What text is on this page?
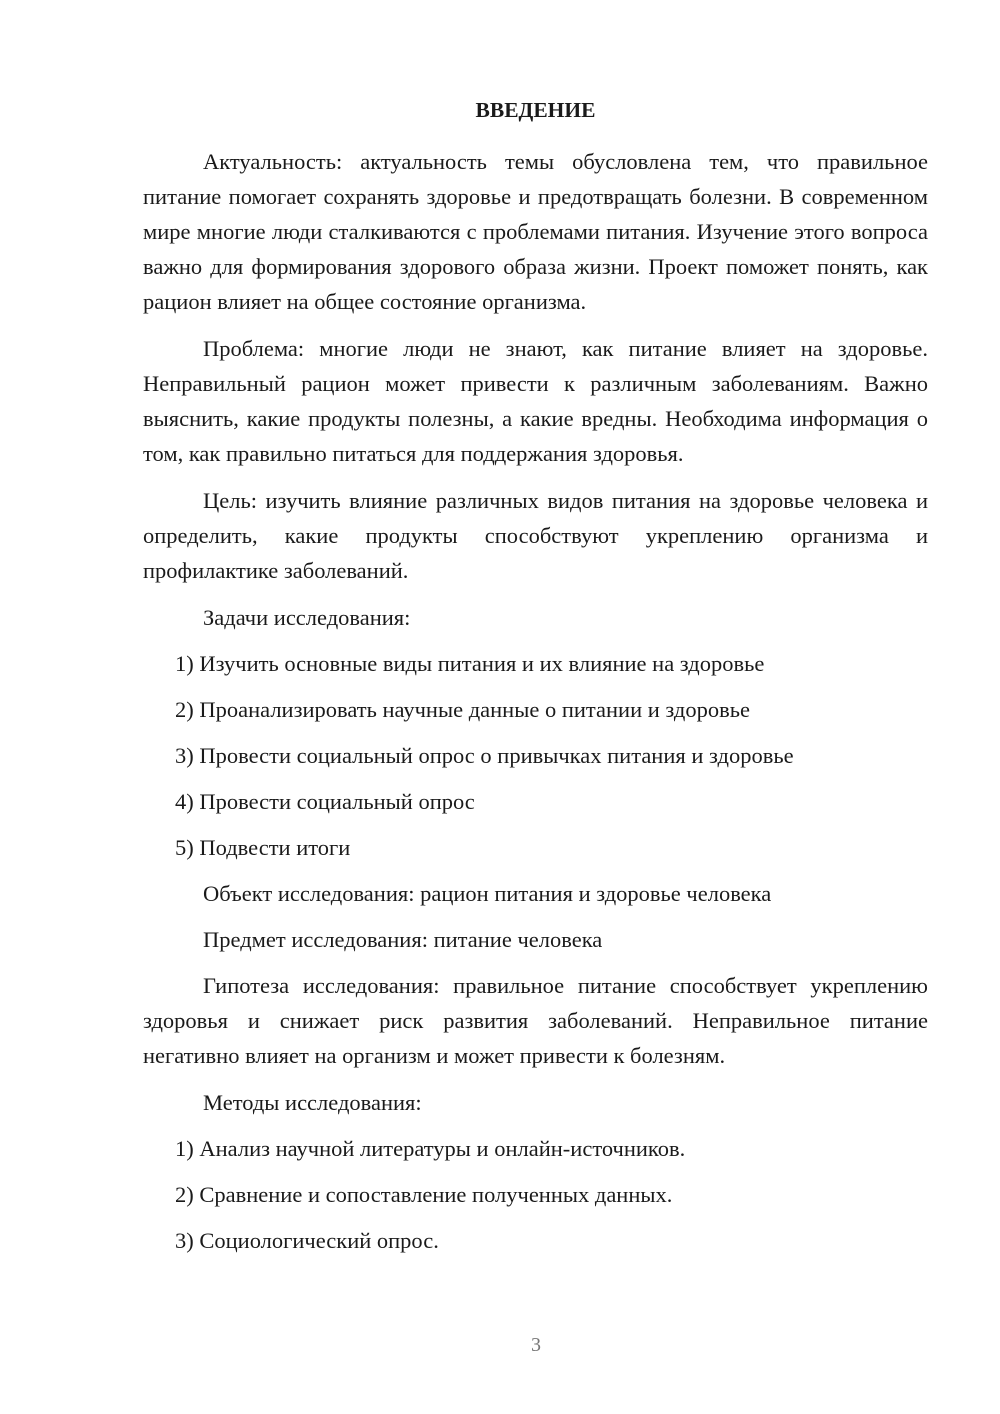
ВВЕДЕНИЕ

Актуальность: актуальность темы обусловлена тем, что правильное питание помогает сохранять здоровье и предотвращать болезни. В современном мире многие люди сталкиваются с проблемами питания. Изучение этого вопроса важно для формирования здорового образа жизни. Проект поможет понять, как рацион влияет на общее состояние организма.

Проблема: многие люди не знают, как питание влияет на здоровье. Неправильный рацион может привести к различным заболеваниям. Важно выяснить, какие продукты полезны, а какие вредны. Необходима информация о том, как правильно питаться для поддержания здоровья.

Цель: изучить влияние различных видов питания на здоровье человека и определить, какие продукты способствуют укреплению организма и профилактике заболеваний.

Задачи исследования:

1) Изучить основные виды питания и их влияние на здоровье

2) Проанализировать научные данные о питании и здоровье

3) Провести социальный опрос о привычках питания и здоровье

4) Провести социальный опрос

5) Подвести итоги

Объект исследования: рацион питания и здоровье человека

Предмет исследования: питание человека

Гипотеза исследования: правильное питание способствует укреплению здоровья и снижает риск развития заболеваний. Неправильное питание негативно влияет на организм и может привести к болезням.

Методы исследования:

1) Анализ научной литературы и онлайн-источников.

2) Сравнение и сопоставление полученных данных.

3) Социологический опрос.

3
